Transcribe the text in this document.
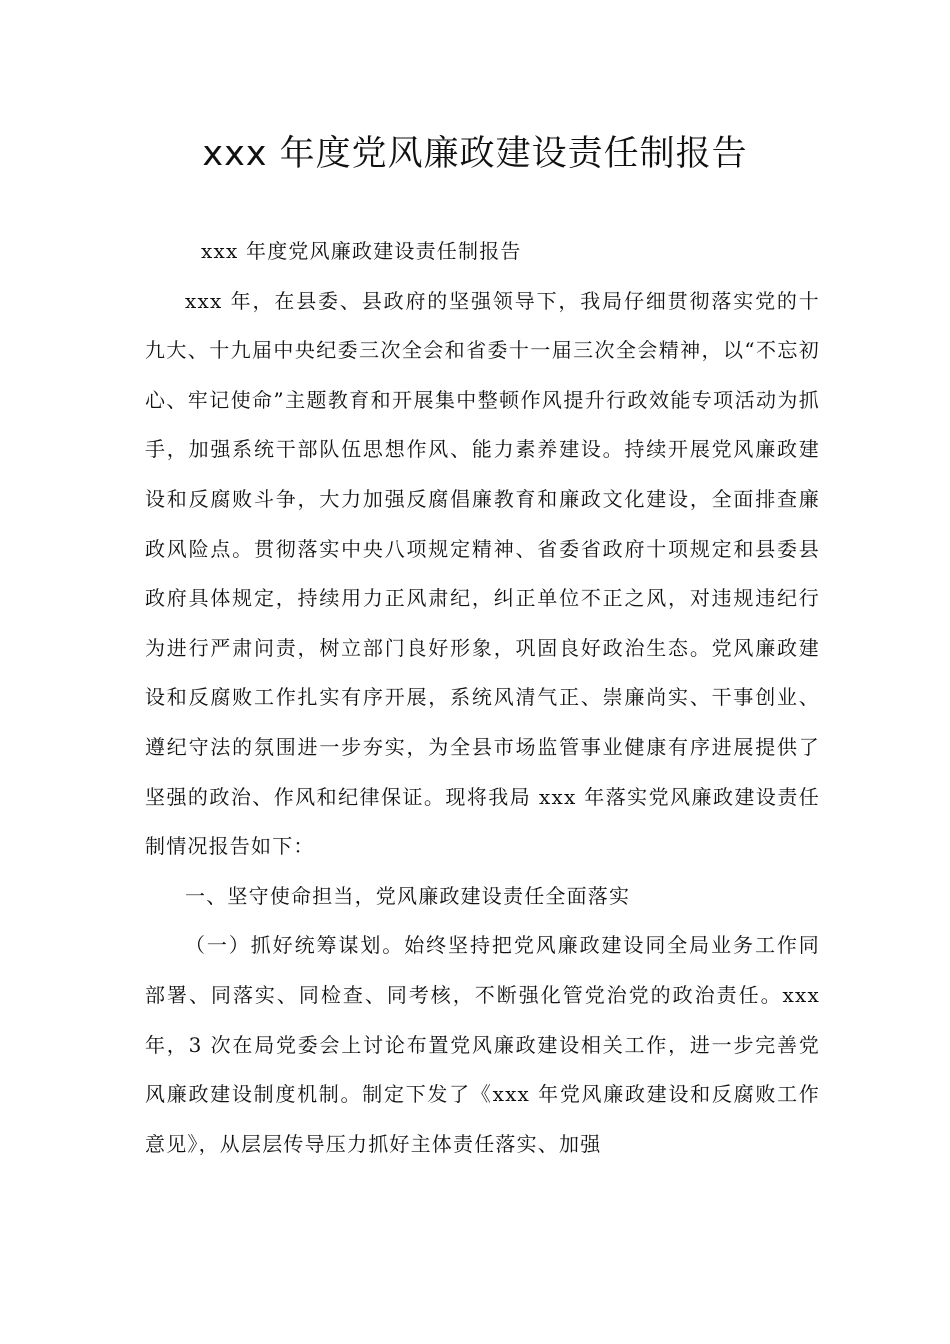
xxx 年度党风廉政建设责任制报告

xxx 年度党风廉政建设责任制报告

xxx 年，在县委、县政府的坚强领导下，我局仔细贯彻落实党的十九大、十九届中央纪委三次全会和省委十一届三次全会精神，以“不忘初心、牢记使命”主题教育和开展集中整顿作风提升行政效能专项活动为抓手，加强系统干部队伍思想作风、能力素养建设。持续开展党风廉政建设和反腐败斗争，大力加强反腐倡廉教育和廉政文化建设，全面排查廉政风险点。贯彻落实中央八项规定精神、省委省政府十项规定和县委县政府具体规定，持续用力正风肃纪，纠正单位不正之风，对违规违纪行为进行严肃问责，树立部门良好形象，巩固良好政治生态。党风廉政建设和反腐败工作扎实有序开展，系统风清气正、崇廉尚实、干事创业、遵纪守法的氛围进一步夯实，为全县市场监管事业健康有序进展提供了坚强的政治、作风和纪律保证。现将我局 xxx 年落实党风廉政建设责任制情况报告如下：

一、坚守使命担当，党风廉政建设责任全面落实

（一）抓好统筹谋划。始终坚持把党风廉政建设同全局业务工作同部署、同落实、同检查、同考核，不断强化管党治党的政治责任。xxx 年，3 次在局党委会上讨论布置党风廉政建设相关工作，进一步完善党风廉政建设制度机制。制定下发了《xxx 年党风廉政建设和反腐败工作意见》，从层层传导压力抓好主体责任落实、加强
